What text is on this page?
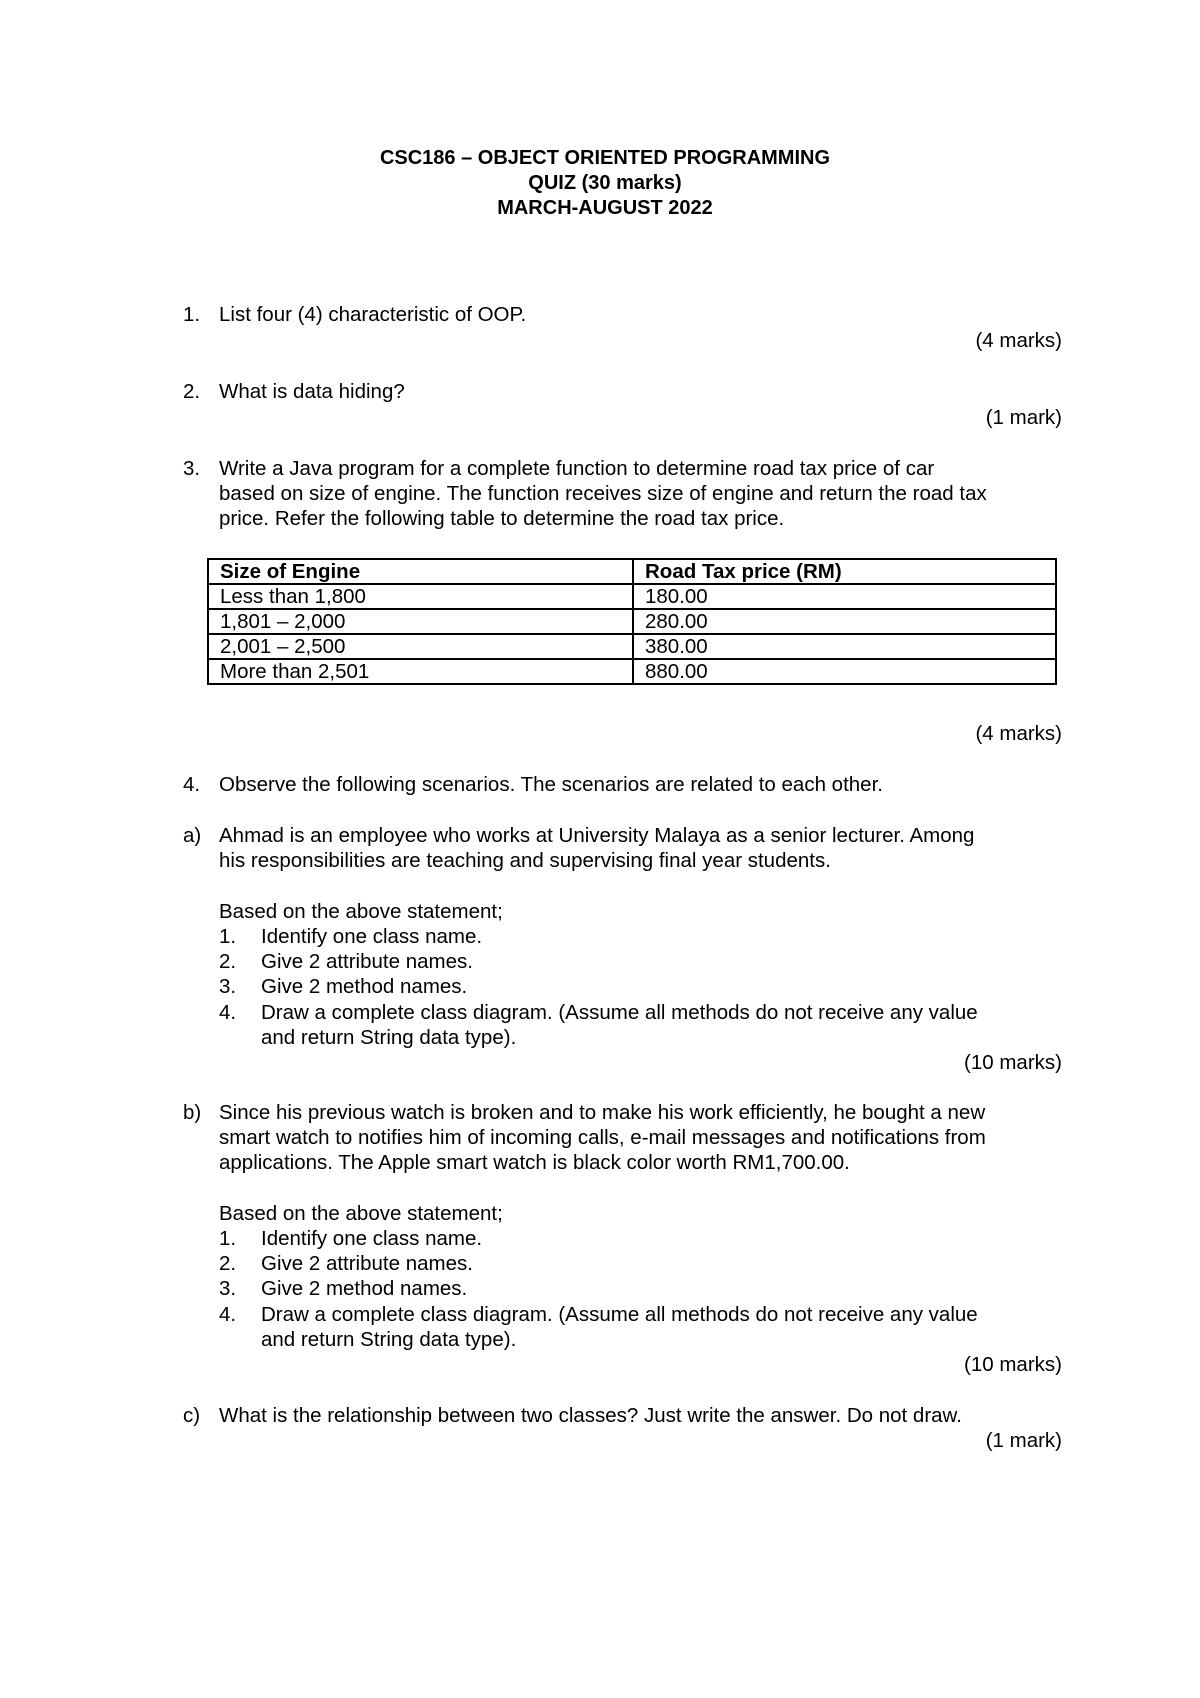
CSC186 – OBJECT ORIENTED PROGRAMMING
QUIZ (30 marks)
MARCH-AUGUST 2022
1. List four (4) characteristic of OOP.
(4 marks)
2. What is data hiding?
(1 mark)
3. Write a Java program for a complete function to determine road tax price of car
based on size of engine. The function receives size of engine and return the road tax
price. Refer the following table to determine the road tax price.
Size of Engine	Road Tax price (RM)
Less than 1,800	180.00
1,801 – 2,000	280.00
2,001 – 2,500	380.00
More than 2,501	880.00
(4 marks)
4. Observe the following scenarios. The scenarios are related to each other.
a) Ahmad is an employee who works at University Malaya as a senior lecturer. Among
his responsibilities are teaching and supervising final year students.
Based on the above statement;
1. Identify one class name.
2. Give 2 attribute names.
3. Give 2 method names.
4. Draw a complete class diagram. (Assume all methods do not receive any value
and return String data type).
(10 marks)
b) Since his previous watch is broken and to make his work efficiently, he bought a new
smart watch to notifies him of incoming calls, e-mail messages and notifications from
applications. The Apple smart watch is black color worth RM1,700.00.
Based on the above statement;
1. Identify one class name.
2. Give 2 attribute names.
3. Give 2 method names.
4. Draw a complete class diagram. (Assume all methods do not receive any value
and return String data type).
(10 marks)
c) What is the relationship between two classes? Just write the answer. Do not draw.
(1 mark)
